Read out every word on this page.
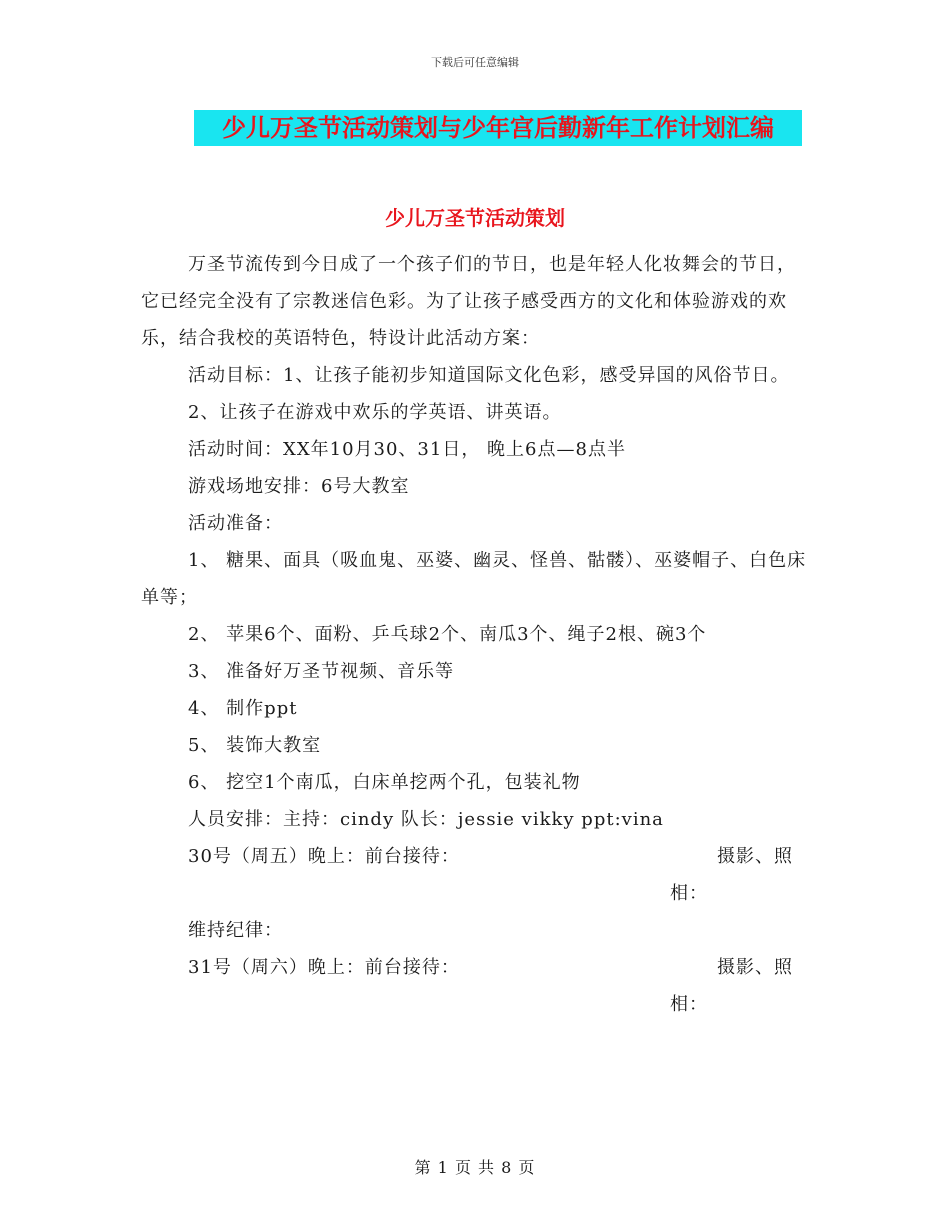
下载后可任意编辑
少儿万圣节活动策划与少年宫后勤新年工作计划汇编
少儿万圣节活动策划

万圣节流传到今日成了一个孩子们的节日，也是年轻人化妆舞会的节日，它已经完全没有了宗教迷信色彩。为了让孩子感受西方的文化和体验游戏的欢乐，结合我校的英语特色，特设计此活动方案：

活动目标：1、让孩子能初步知道国际文化色彩，感受异国的风俗节日。

2、让孩子在游戏中欢乐的学英语、讲英语。

活动时间：XX年10月30、31日， 晚上6点—8点半

游戏场地安排：6号大教室

活动准备：

1、 糖果、面具（吸血鬼、巫婆、幽灵、怪兽、骷髅）、巫婆帽子、白色床单等；

2、 苹果6个、面粉、乒乓球2个、南瓜3个、绳子2根、碗3个

3、 准备好万圣节视频、音乐等

4、 制作ppt

5、 装饰大教室

6、 挖空1个南瓜，白床单挖两个孔，包装礼物

人员安排：主持：cindy 队长：jessie vikky ppt:vina

30号（周五）晚上：前台接待：	摄影、照相：

维持纪律：

31号（周六）晚上：前台接待：	摄影、照相：
第 1 页 共 8 页
